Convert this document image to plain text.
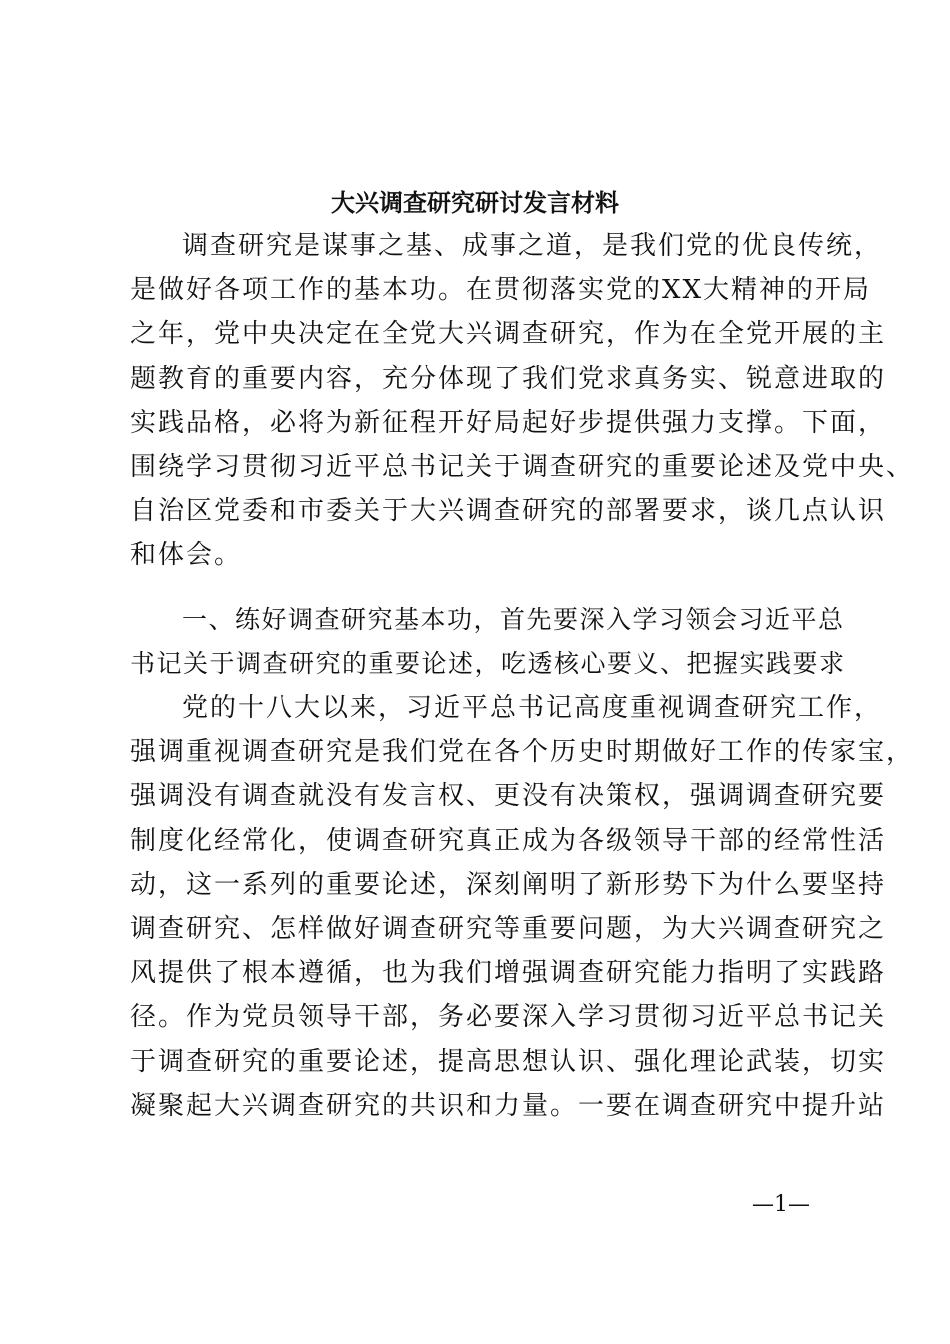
大兴调查研究研讨发言材料
调查研究是谋事之基、成事之道，是我们党的优良传统，
是做好各项工作的基本功。在贯彻落实党的XX大精神的开局
之年，党中央决定在全党大兴调查研究，作为在全党开展的主
题教育的重要内容，充分体现了我们党求真务实、锐意进取的
实践品格，必将为新征程开好局起好步提供强力支撑。下面，
围绕学习贯彻习近平总书记关于调查研究的重要论述及党中央、
自治区党委和市委关于大兴调查研究的部署要求，谈几点认识
和体会。
一、练好调查研究基本功，首先要深入学习领会习近平总
书记关于调查研究的重要论述，吃透核心要义、把握实践要求
党的十八大以来，习近平总书记高度重视调查研究工作，
强调重视调查研究是我们党在各个历史时期做好工作的传家宝，
强调没有调查就没有发言权、更没有决策权，强调调查研究要
制度化经常化，使调查研究真正成为各级领导干部的经常性活
动，这一系列的重要论述，深刻阐明了新形势下为什么要坚持
调查研究、怎样做好调查研究等重要问题，为大兴调查研究之
风提供了根本遵循，也为我们增强调查研究能力指明了实践路
径。作为党员领导干部，务必要深入学习贯彻习近平总书记关
于调查研究的重要论述，提高思想认识、强化理论武装，切实
凝聚起大兴调查研究的共识和力量。一要在调查研究中提升站
—1—
